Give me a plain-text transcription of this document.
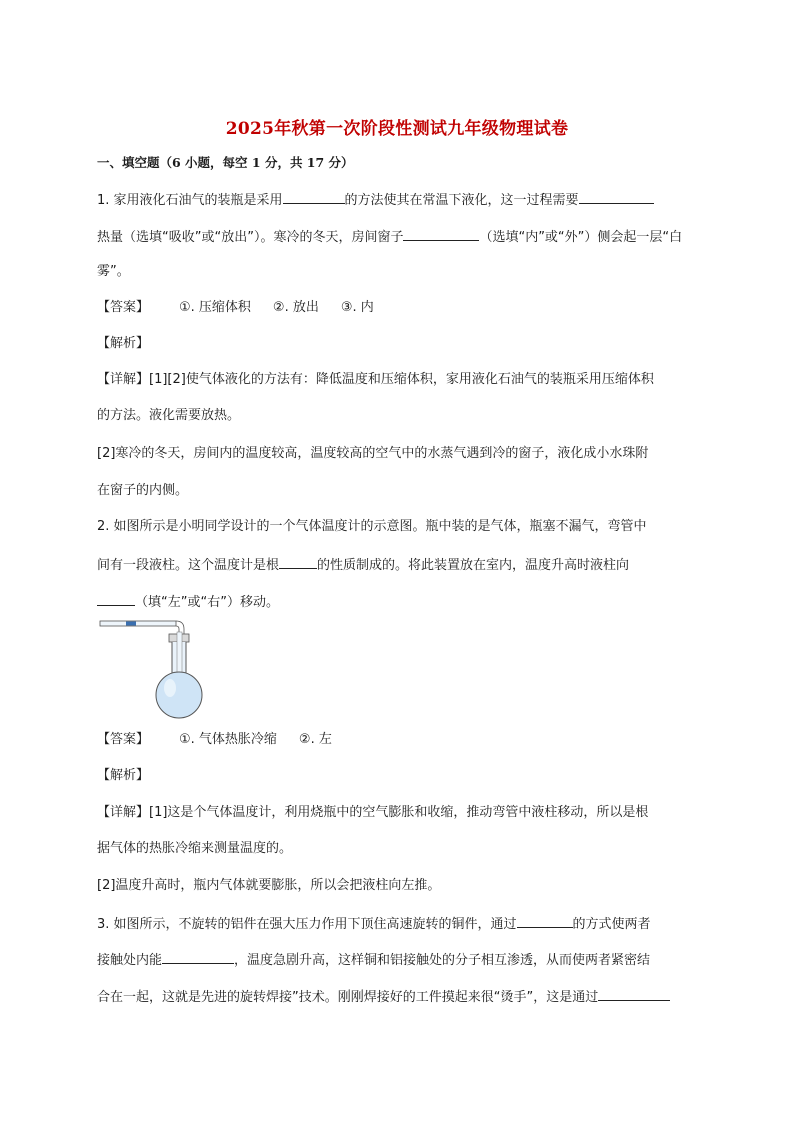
2025年秋第一次阶段性测试九年级物理试卷
一、填空题（6 小题，每空 1 分，共 17 分）
1. 家用液化石油气的装瓶是采用	的方法使其在常温下液化，这一过程需要
热量（选填“吸收”或“放出”）。寒冷的冬天，房间窗子	（选填“内”或“外”）侧会起一层“白
雾”。
【答案】 ①. 压缩体积 ②. 放出 ③. 内
【解析】
【详解】[1][2]使气体液化的方法有：降低温度和压缩体积，家用液化石油气的装瓶采用压缩体积
的方法。液化需要放热。
[2]寒冷的冬天，房间内的温度较高，温度较高的空气中的水蒸气遇到冷的窗子，液化成小水珠附
在窗子的内侧。
2. 如图所示是小明同学设计的一个气体温度计的示意图。瓶中装的是气体，瓶塞不漏气，弯管中
间有一段液柱。这个温度计是根	的性质制成的。将此装置放在室内，温度升高时液柱向
（填“左”或“右”）移动。
【答案】 ①. 气体热胀冷缩 ②. 左
【解析】
【详解】[1]这是个气体温度计，利用烧瓶中的空气膨胀和收缩，推动弯管中液柱移动，所以是根
据气体的热胀冷缩来测量温度的。
[2]温度升高时，瓶内气体就要膨胀，所以会把液柱向左推。
3. 如图所示，不旋转的铝件在强大压力作用下顶住高速旋转的铜件，通过	的方式使两者
接触处内能	，温度急剧升高，这样铜和铝接触处的分子相互渗透，从而使两者紧密结
合在一起，这就是先进的旋转焊接”技术。刚刚焊接好的工件摸起来很“烫手”，这是通过
